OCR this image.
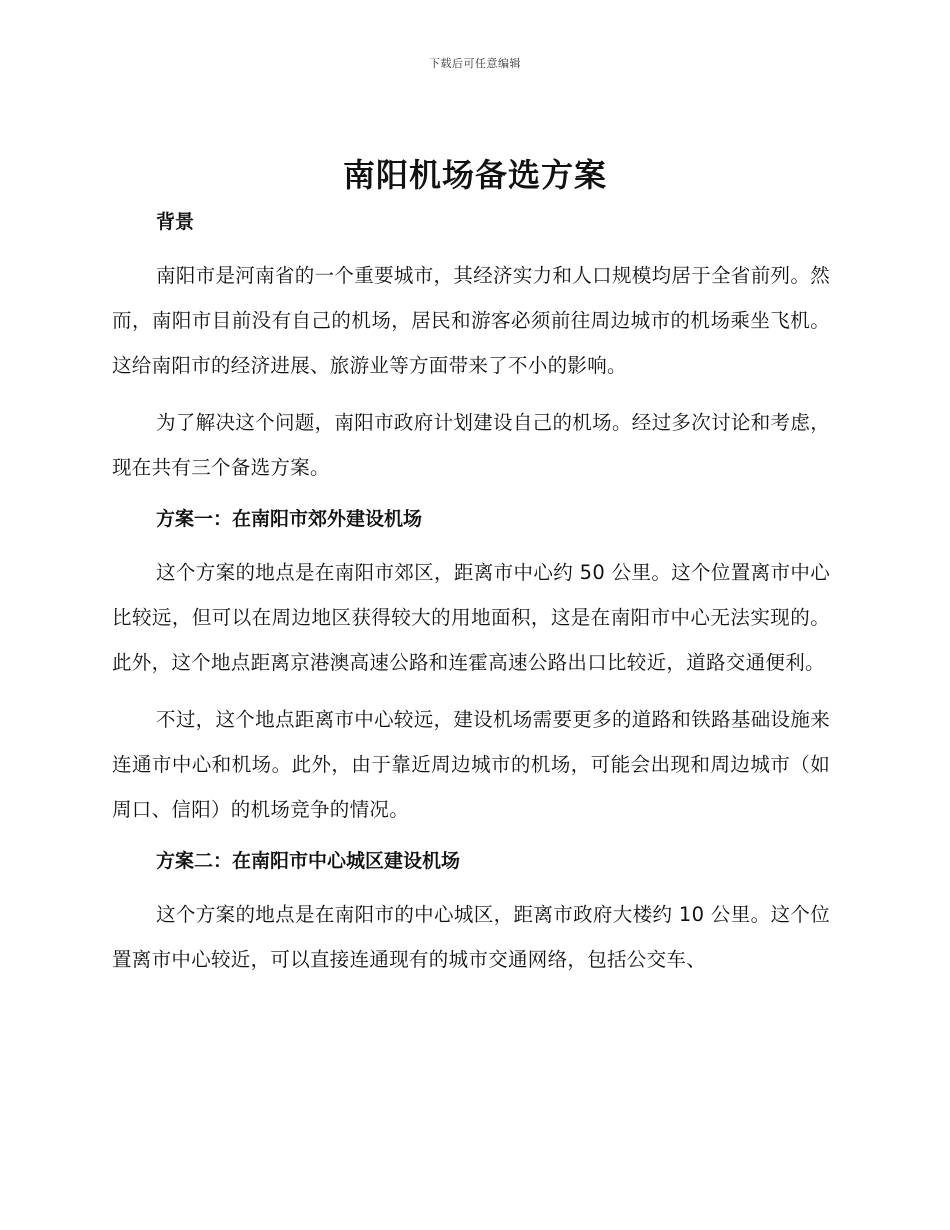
下载后可任意编辑
南阳机场备选方案
背景

南阳市是河南省的一个重要城市，其经济实力和人口规模均居于全省前列。然而，南阳市目前没有自己的机场，居民和游客必须前往周边城市的机场乘坐飞机。这给南阳市的经济进展、旅游业等方面带来了不小的影响。

为了解决这个问题，南阳市政府计划建设自己的机场。经过多次讨论和考虑，现在共有三个备选方案。

方案一：在南阳市郊外建设机场

这个方案的地点是在南阳市郊区，距离市中心约 50 公里。这个位置离市中心比较远，但可以在周边地区获得较大的用地面积，这是在南阳市中心无法实现的。此外，这个地点距离京港澳高速公路和连霍高速公路出口比较近，道路交通便利。

不过，这个地点距离市中心较远，建设机场需要更多的道路和铁路基础设施来连通市中心和机场。此外，由于靠近周边城市的机场，可能会出现和周边城市（如周口、信阳）的机场竞争的情况。

方案二：在南阳市中心城区建设机场

这个方案的地点是在南阳市的中心城区，距离市政府大楼约 10 公里。这个位置离市中心较近，可以直接连通现有的城市交通网络，包括公交车、
